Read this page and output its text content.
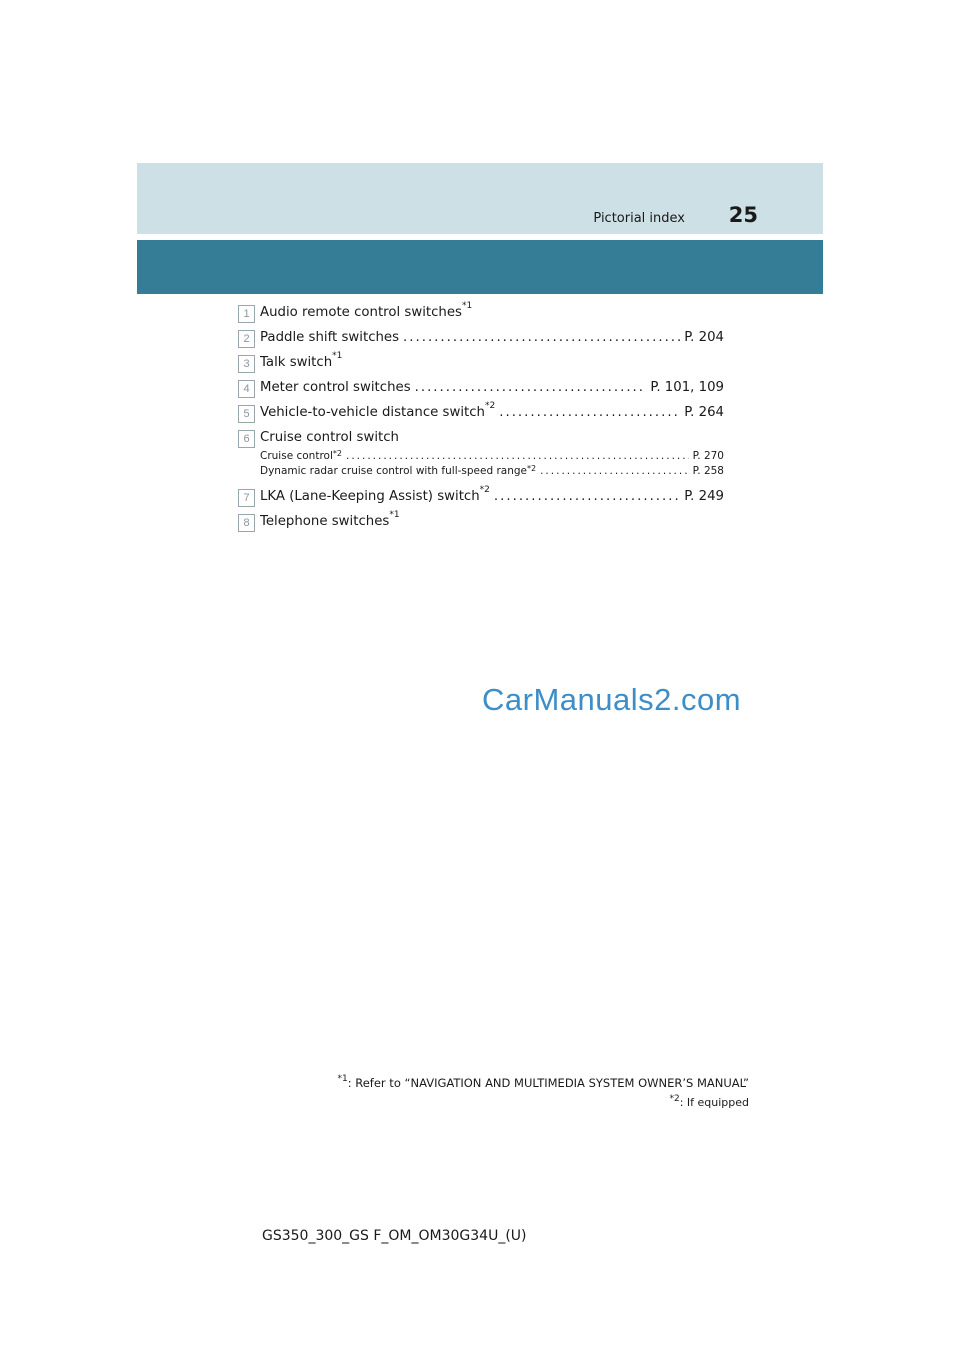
Pictorial index 25
1 Audio remote control switches$^{*1}$
2 Paddle shift switches .....	P. 204
3 Talk switch$^{*1}$
4 Meter control switches .....	P. 101, 109
5 Vehicle-to-vehicle distance switch$^{*2}$ .....	P. 264
6 Cruise control switch
Cruise control$^{*2}$ .....	P. 270
Dynamic radar cruise control with full-speed range$^{*2}$ .....	P. 258
7 LKA (Lane-Keeping Assist) switch$^{*2}$ .....	P. 249
8 Telephone switches$^{*1}$
CarManuals2.com
$^{*1}$: Refer to “NAVIGATION AND MULTIMEDIA SYSTEM OWNER’S MANUAL”
$^{*2}$: If equipped
GS350_300_GS F_OM_OM30G34U_(U)
